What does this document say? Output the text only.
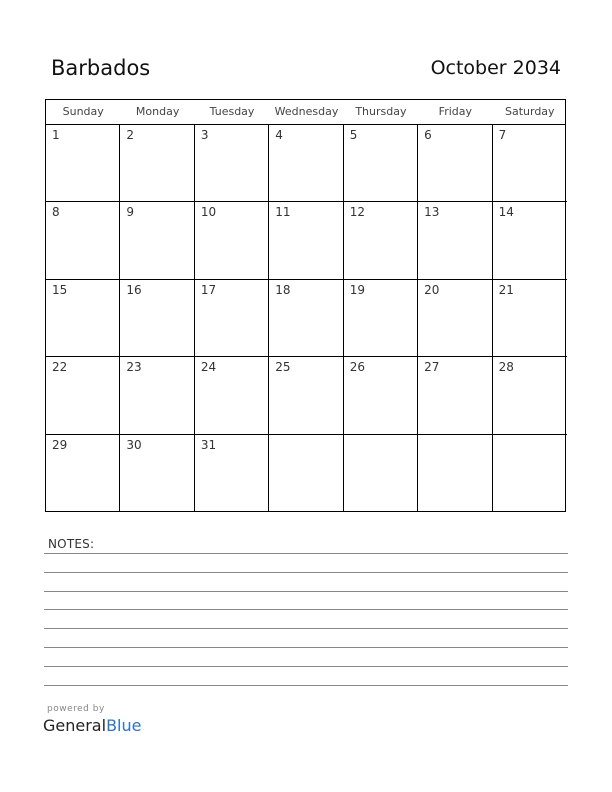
Barbados	October 2034
Sunday	Monday	Tuesday	Wednesday	Thursday	Friday	Saturday
1	2	3	4	5	6	7
8	9	10	11	12	13	14
15	16	17	18	19	20	21
22	23	24	25	26	27	28
29	30	31
NOTES:
powered by
GeneralBlue
